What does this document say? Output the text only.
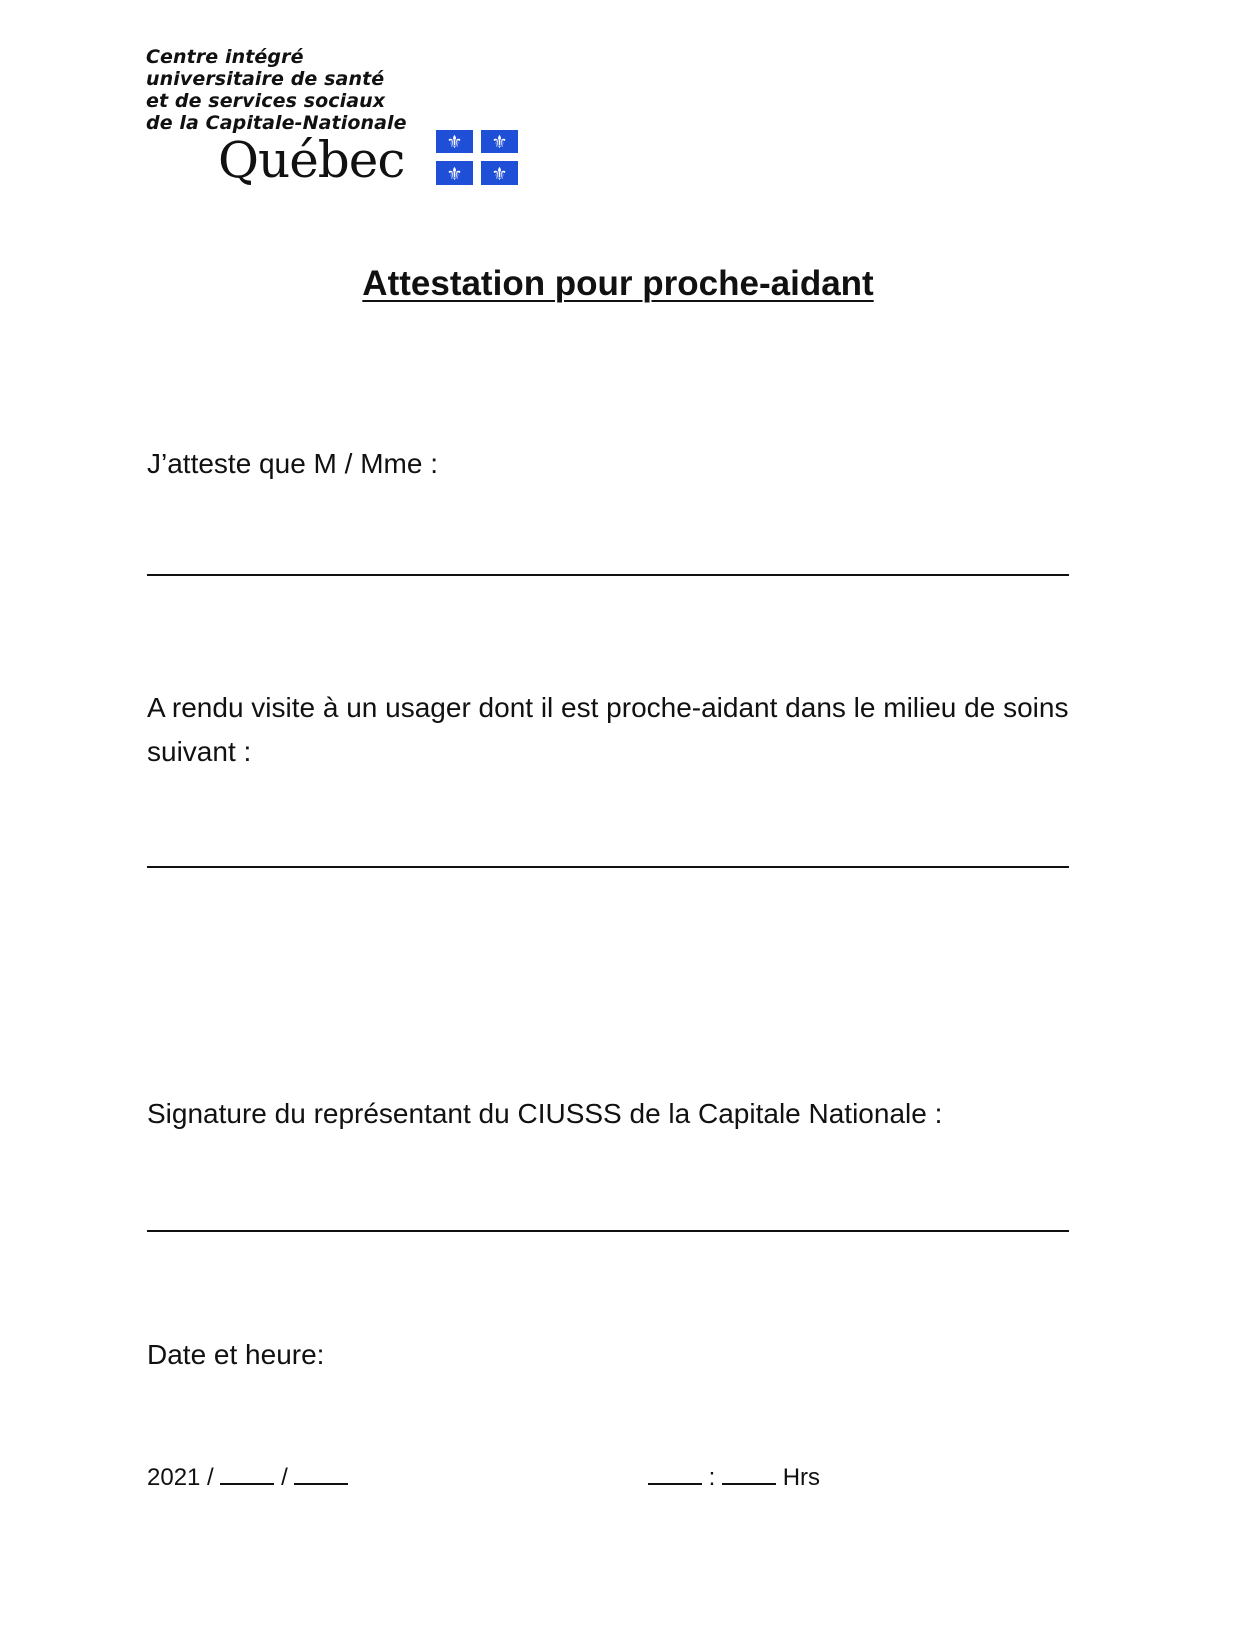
Centre intégré
universitaire de santé
et de services sociaux
de la Capitale-Nationale
Québec ⚜ ⚜
⚜ ⚜
Attestation pour proche-aidant
J’atteste que M / Mme :
A rendu visite à un usager dont il est proche-aidant dans le milieu de soins suivant :
Signature du représentant du CIUSSS de la Capitale Nationale :
Date et heure:
2021 /	/	:	Hrs
